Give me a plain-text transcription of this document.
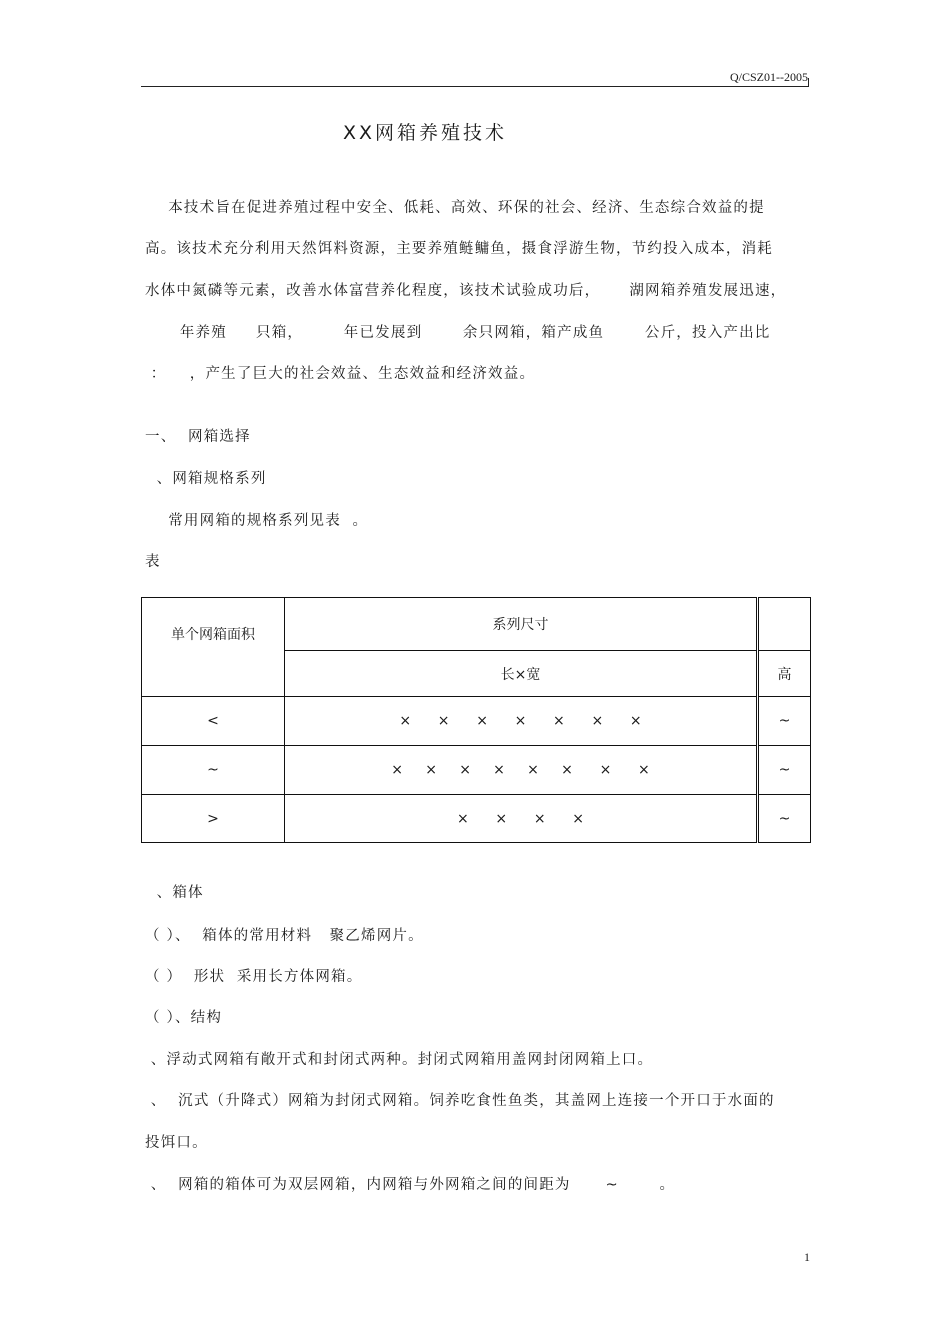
Q/CSZ01--2005
XX网箱养殖技术
本技术旨在促进养殖过程中安全、低耗、高效、环保的社会、经济、生态综合效益的提
高。该技术充分利用天然饵料资源，主要养殖鲢鳙鱼，摄食浮游生物，节约投入成本，消耗
水体中氮磷等元素，改善水体富营养化程度，该技术试验成功后，     湖网箱养殖发展迅速，
年养殖     只箱，       年已发展到       余只网箱，箱产成鱼       公斤，投入产出比
：    ，产生了巨大的社会效益、生态效益和经济效益。
一、  网箱选择
、网箱规格系列
常用网箱的规格系列见表  。
表
单个网箱面积	系列尺寸	
	长×宽	高
<	×      ×      ×      ×      ×      ×      ×	~
~	×     ×     ×     ×     ×     ×      ×      ×	~
>	×      ×      ×      ×	~
、箱体
（ ）、  箱体的常用材料   聚乙烯网片。
（ ）  形状  采用长方体网箱。
（ ）、结构
、浮动式网箱有敞开式和封闭式两种。封闭式网箱用盖网封闭网箱上口。
、  沉式（升降式）网箱为封闭式网箱。饲养吃食性鱼类，其盖网上连接一个开口于水面的
投饵口。
、  网箱的箱体可为双层网箱，内网箱与外网箱之间的间距为      ~       。
1
